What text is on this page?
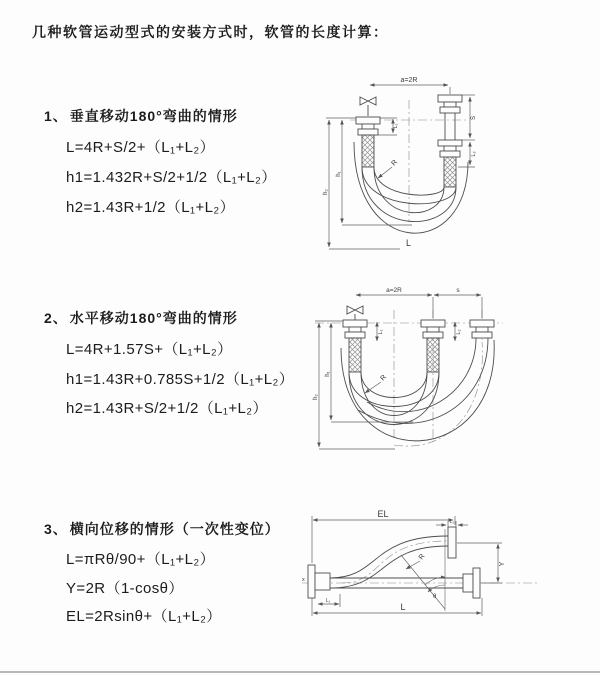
几种软管运动型式的安装方式时，软管的长度计算：
1、 垂直移动180°弯曲的情形
L=4R+S/2+（L₁+L₂）
h1=1.432R+S/2+1/2（L₁+L₂）
h2=1.43R+1/2（L₁+L₂）
a=2R
L₁
S
L₂
h₁
h₂
R
L
2、 水平移动180°弯曲的情形
L=4R+1.57S+（L₁+L₂）
h1=1.43R+0.785S+1/2（L₁+L₂）
h2=1.43R+S/2+1/2（L₁+L₂）
a=2R	s
L₁	L₂
h₁
h₂
R
3、 横向位移的情形（一次性变位）
L=πRθ/90+（L₁+L₂）
Y=2R（1-cosθ）
EL=2Rsinθ+（L₁+L₂）
EL
L₂
Y
L
L₁
R
θ
x
